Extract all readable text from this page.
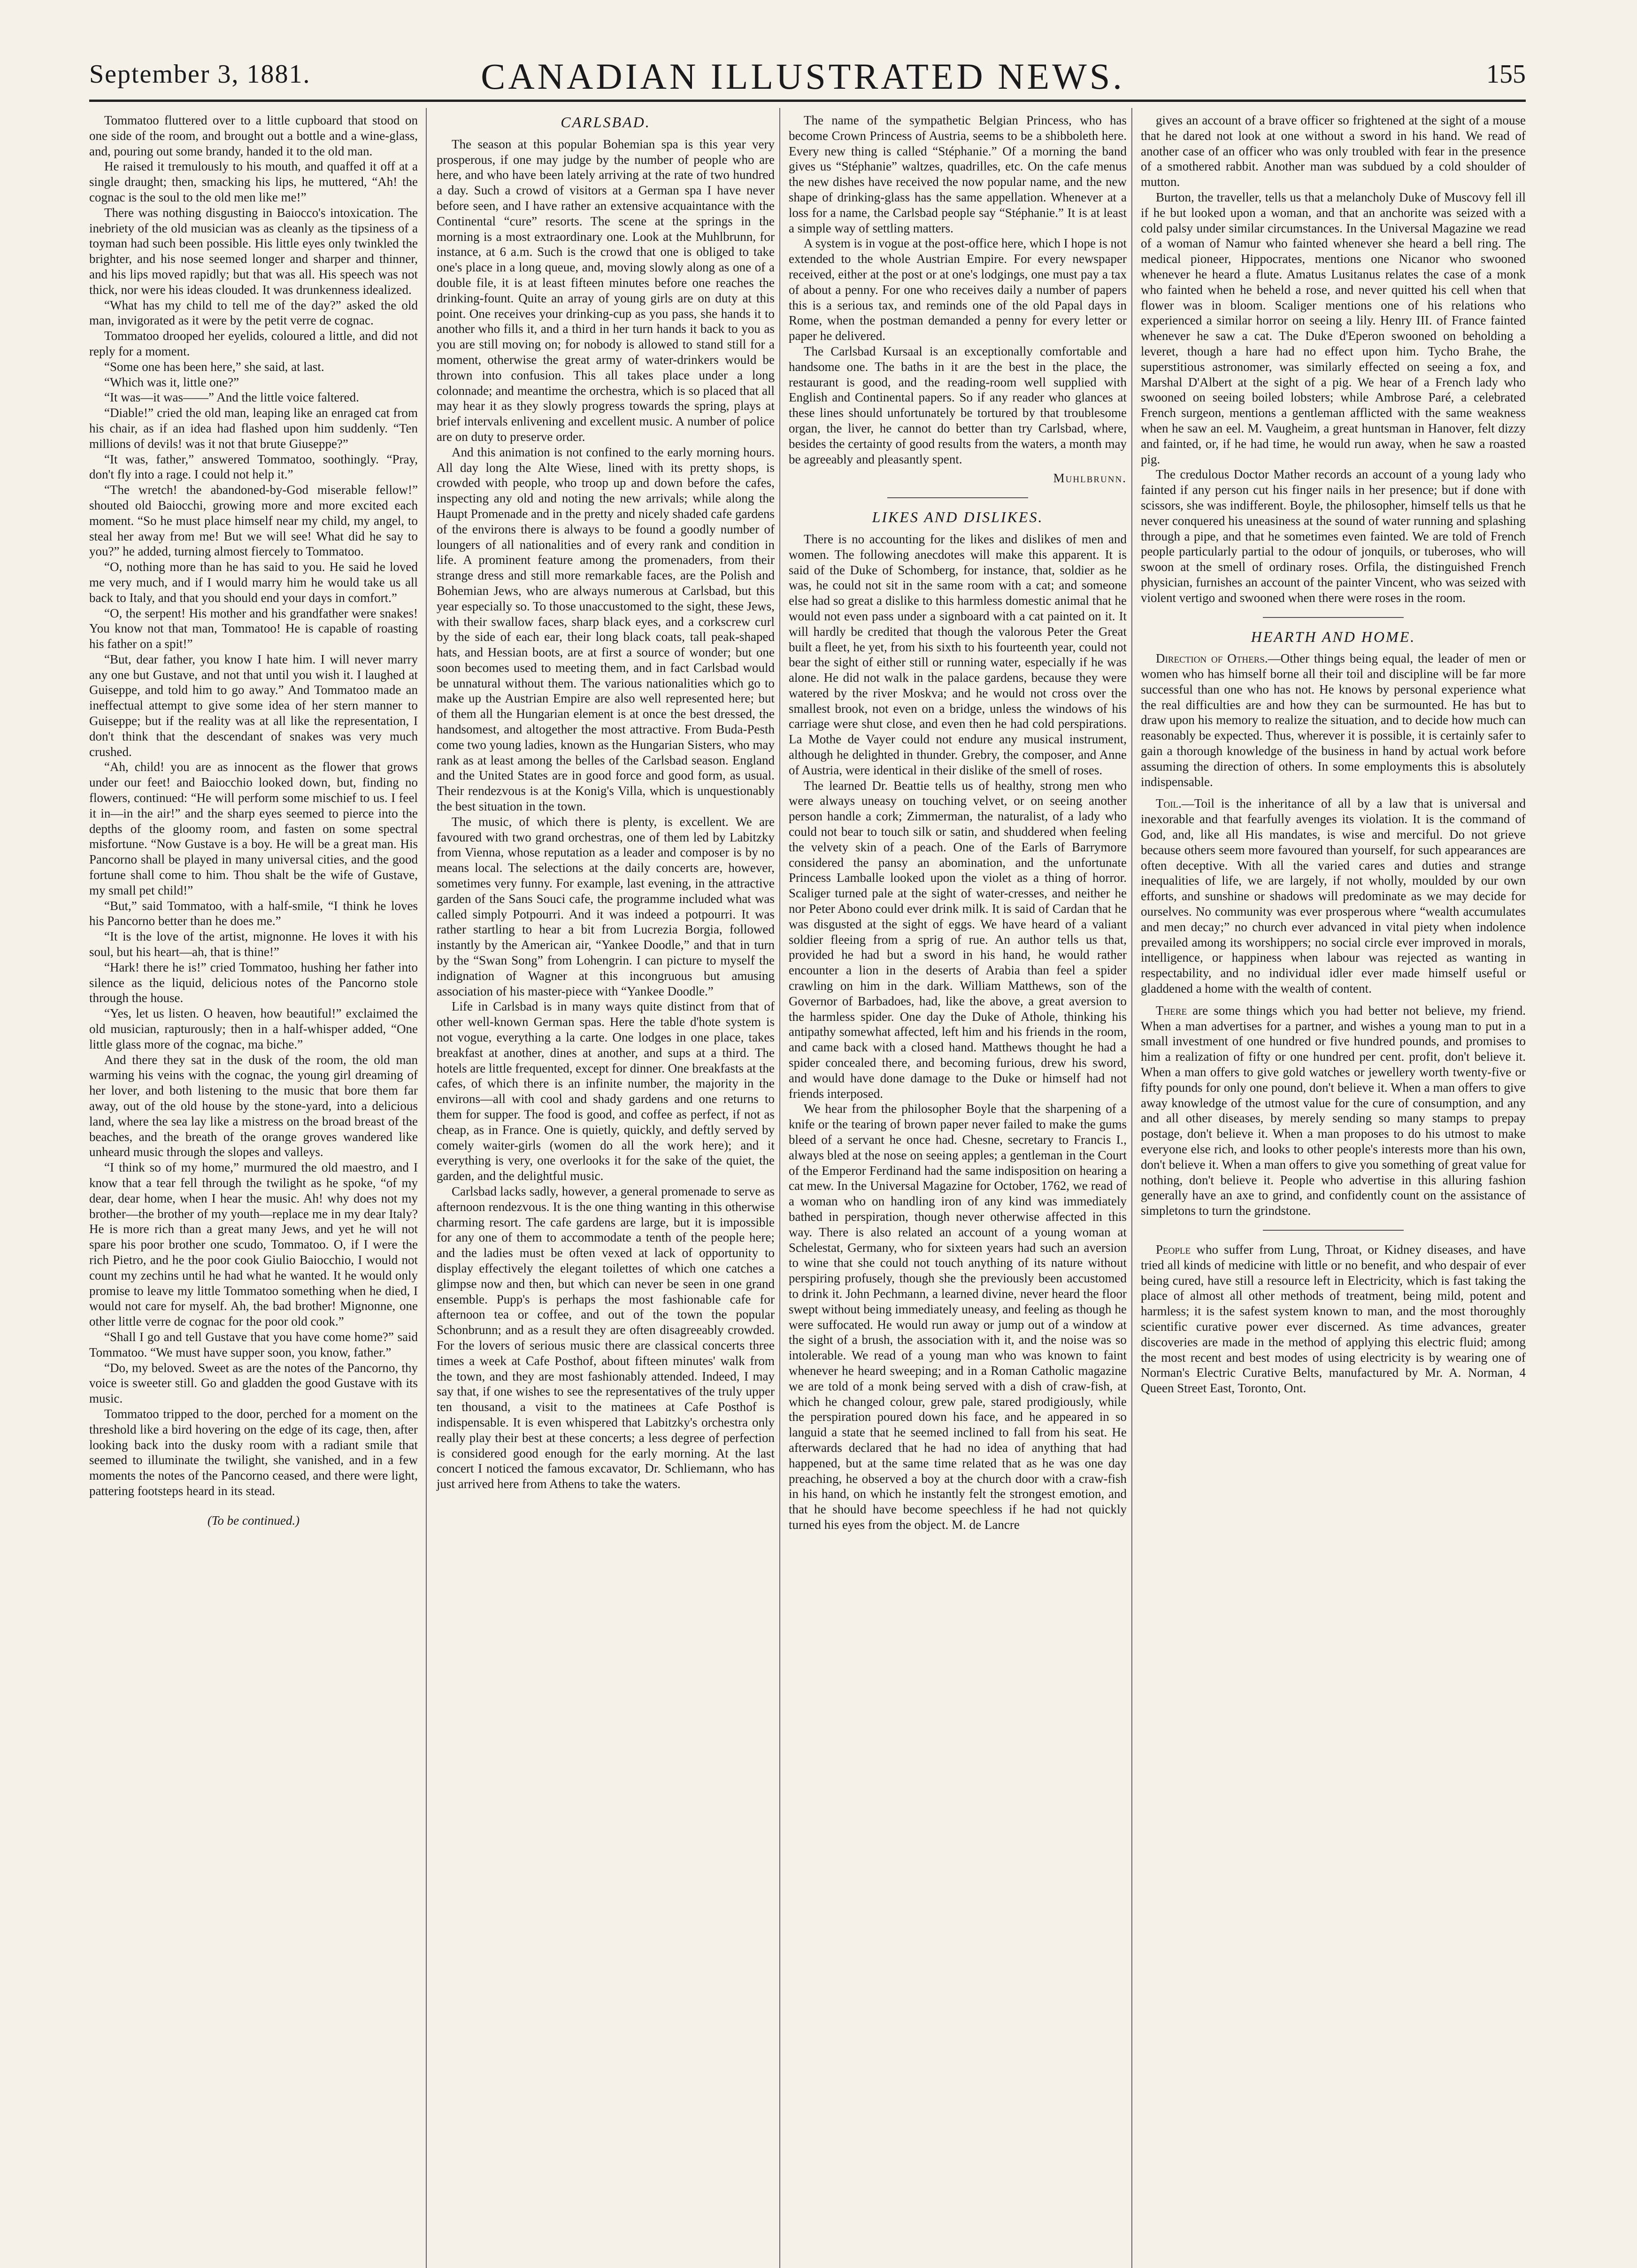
September 3, 1881.	CANADIAN ILLUSTRATED NEWS.	155

Tommatoo fluttered over to a little cupboard that stood on one side of the room, and brought out a bottle and a wine-glass, and, pouring out some brandy, handed it to the old man.

He raised it tremulously to his mouth, and quaffed it off at a single draught; then, smacking his lips, he muttered, “Ah! the cognac is the soul to the old men like me!”

There was nothing disgusting in Baiocco's intoxication. The inebriety of the old musician was as cleanly as the tipsiness of a toyman had such been possible. His little eyes only twinkled the brighter, and his nose seemed longer and sharper and thinner, and his lips moved rapidly; but that was all. His speech was not thick, nor were his ideas clouded. It was drunkenness idealized.

“What has my child to tell me of the day?” asked the old man, invigorated as it were by the petit verre de cognac.

Tommatoo drooped her eyelids, coloured a little, and did not reply for a moment.

“Some one has been here,” she said, at last.

“Which was it, little one?”

“It was—it was——” And the little voice faltered.

“Diable!” cried the old man, leaping like an enraged cat from his chair, as if an idea had flashed upon him suddenly. “Ten millions of devils! was it not that brute Giuseppe?”

“It was, father,” answered Tommatoo, soothingly. “Pray, don't fly into a rage. I could not help it.”

“The wretch! the abandoned-by-God miserable fellow!” shouted old Baiocchi, growing more and more excited each moment. “So he must place himself near my child, my angel, to steal her away from me! But we will see! What did he say to you?” he added, turning almost fiercely to Tommatoo.

“O, nothing more than he has said to you. He said he loved me very much, and if I would marry him he would take us all back to Italy, and that you should end your days in comfort.”

“O, the serpent! His mother and his grandfather were snakes! You know not that man, Tommatoo! He is capable of roasting his father on a spit!”

“But, dear father, you know I hate him. I will never marry any one but Gustave, and not that until you wish it. I laughed at Guiseppe, and told him to go away.” And Tommatoo made an ineffectual attempt to give some idea of her stern manner to Guiseppe; but if the reality was at all like the representation, I don't think that the descendant of snakes was very much crushed.

“Ah, child! you are as innocent as the flower that grows under our feet! and Baiocchio looked down, but, finding no flowers, continued: “He will perform some mischief to us. I feel it in—in the air!” and the sharp eyes seemed to pierce into the depths of the gloomy room, and fasten on some spectral misfortune. “Now Gustave is a boy. He will be a great man. His Pancorno shall be played in many universal cities, and the good fortune shall come to him. Thou shalt be the wife of Gustave, my small pet child!”

“But,” said Tommatoo, with a half-smile, “I think he loves his Pancorno better than he does me.”

“It is the love of the artist, mignonne. He loves it with his soul, but his heart—ah, that is thine!”

“Hark! there he is!” cried Tommatoo, hushing her father into silence as the liquid, delicious notes of the Pancorno stole through the house.

“Yes, let us listen. O heaven, how beautiful!” exclaimed the old musician, rapturously; then in a half-whisper added, “One little glass more of the cognac, ma biche.”

And there they sat in the dusk of the room, the old man warming his veins with the cognac, the young girl dreaming of her lover, and both listening to the music that bore them far away, out of the old house by the stone-yard, into a delicious land, where the sea lay like a mistress on the broad breast of the beaches, and the breath of the orange groves wandered like unheard music through the slopes and valleys.

“I think so of my home,” murmured the old maestro, and I know that a tear fell through the twilight as he spoke, “of my dear, dear home, when I hear the music. Ah! why does not my brother—the brother of my youth—replace me in my dear Italy? He is more rich than a great many Jews, and yet he will not spare his poor brother one scudo, Tommatoo. O, if I were the rich Pietro, and he the poor cook Giulio Baiocchio, I would not count my zechins until he had what he wanted. It he would only promise to leave my little Tommatoo something when he died, I would not care for myself. Ah, the bad brother! Mignonne, one other little verre de cognac for the poor old cook.”

“Shall I go and tell Gustave that you have come home?” said Tommatoo. “We must have supper soon, you know, father.”

“Do, my beloved. Sweet as are the notes of the Pancorno, thy voice is sweeter still. Go and gladden the good Gustave with its music.

Tommatoo tripped to the door, perched for a moment on the threshold like a bird hovering on the edge of its cage, then, after looking back into the dusky room with a radiant smile that seemed to illuminate the twilight, she vanished, and in a few moments the notes of the Pancorno ceased, and there were light, pattering footsteps heard in its stead.

(To be continued.)
CARLSBAD.

The season at this popular Bohemian spa is this year very prosperous, if one may judge by the number of people who are here, and who have been lately arriving at the rate of two hundred a day. Such a crowd of visitors at a German spa I have never before seen, and I have rather an extensive acquaintance with the Continental “cure” resorts. The scene at the springs in the morning is a most extraordinary one. Look at the Muhlbrunn, for instance, at 6 a.m. Such is the crowd that one is obliged to take one's place in a long queue, and, moving slowly along as one of a double file, it is at least fifteen minutes before one reaches the drinking-fount. Quite an array of young girls are on duty at this point. One receives your drinking-cup as you pass, she hands it to another who fills it, and a third in her turn hands it back to you as you are still moving on; for nobody is allowed to stand still for a moment, otherwise the great army of water-drinkers would be thrown into confusion. This all takes place under a long colonnade; and meantime the orchestra, which is so placed that all may hear it as they slowly progress towards the spring, plays at brief intervals enlivening and excellent music. A number of police are on duty to preserve order.

And this animation is not confined to the early morning hours. All day long the Alte Wiese, lined with its pretty shops, is crowded with people, who troop up and down before the cafes, inspecting any old and noting the new arrivals; while along the Haupt Promenade and in the pretty and nicely shaded cafe gardens of the environs there is always to be found a goodly number of loungers of all nationalities and of every rank and condition in life. A prominent feature among the promenaders, from their strange dress and still more remarkable faces, are the Polish and Bohemian Jews, who are always numerous at Carlsbad, but this year especially so. To those unaccustomed to the sight, these Jews, with their swallow faces, sharp black eyes, and a corkscrew curl by the side of each ear, their long black coats, tall peak-shaped hats, and Hessian boots, are at first a source of wonder; but one soon becomes used to meeting them, and in fact Carlsbad would be unnatural without them. The various nationalities which go to make up the Austrian Empire are also well represented here; but of them all the Hungarian element is at once the best dressed, the handsomest, and altogether the most attractive. From Buda-Pesth come two young ladies, known as the Hungarian Sisters, who may rank as at least among the belles of the Carlsbad season. England and the United States are in good force and good form, as usual. Their rendezvous is at the Konig's Villa, which is unquestionably the best situation in the town.

The music, of which there is plenty, is excellent. We are favoured with two grand orchestras, one of them led by Labitzky from Vienna, whose reputation as a leader and composer is by no means local. The selections at the daily concerts are, however, sometimes very funny. For example, last evening, in the attractive garden of the Sans Souci cafe, the programme included what was called simply Potpourri. And it was indeed a potpourri. It was rather startling to hear a bit from Lucrezia Borgia, followed instantly by the American air, “Yankee Doodle,” and that in turn by the “Swan Song” from Lohengrin. I can picture to myself the indignation of Wagner at this incongruous but amusing association of his master-piece with “Yankee Doodle.”

Life in Carlsbad is in many ways quite distinct from that of other well-known German spas. Here the table d'hote system is not vogue, everything a la carte. One lodges in one place, takes breakfast at another, dines at another, and sups at a third. The hotels are little frequented, except for dinner. One breakfasts at the cafes, of which there is an infinite number, the majority in the environs—all with cool and shady gardens and one returns to them for supper. The food is good, and coffee as perfect, if not as cheap, as in France. One is quietly, quickly, and deftly served by comely waiter-girls (women do all the work here); and it everything is very, one overlooks it for the sake of the quiet, the garden, and the delightful music.

Carlsbad lacks sadly, however, a general promenade to serve as afternoon rendezvous. It is the one thing wanting in this otherwise charming resort. The cafe gardens are large, but it is impossible for any one of them to accommodate a tenth of the people here; and the ladies must be often vexed at lack of opportunity to display effectively the elegant toilettes of which one catches a glimpse now and then, but which can never be seen in one grand ensemble. Pupp's is perhaps the most fashionable cafe for afternoon tea or coffee, and out of the town the popular Schonbrunn; and as a result they are often disagreeably crowded. For the lovers of serious music there are classical concerts three times a week at Cafe Posthof, about fifteen minutes' walk from the town, and they are most fashionably attended. Indeed, I may say that, if one wishes to see the representatives of the truly upper ten thousand, a visit to the matinees at Cafe Posthof is indispensable. It is even whispered that Labitzky's orchestra only really play their best at these concerts; a less degree of perfection is considered good enough for the early morning. At the last concert I noticed the famous excavator, Dr. Schliemann, who has just arrived here from Athens to take the waters.

The name of the sympathetic Belgian Princess, who has become Crown Princess of Austria, seems to be a shibboleth here. Every new thing is called “Stéphanie.” Of a morning the band gives us “Stéphanie” waltzes, quadrilles, etc. On the cafe menus the new dishes have received the now popular name, and the new shape of drinking-glass has the same appellation. Whenever at a loss for a name, the Carlsbad people say “Stéphanie.” It is at least a simple way of settling matters.

A system is in vogue at the post-office here, which I hope is not extended to the whole Austrian Empire. For every newspaper received, either at the post or at one's lodgings, one must pay a tax of about a penny. For one who receives daily a number of papers this is a serious tax, and reminds one of the old Papal days in Rome, when the postman demanded a penny for every letter or paper he delivered.

The Carlsbad Kursaal is an exceptionally comfortable and handsome one. The baths in it are the best in the place, the restaurant is good, and the reading-room well supplied with English and Continental papers. So if any reader who glances at these lines should unfortunately be tortured by that troublesome organ, the liver, he cannot do better than try Carlsbad, where, besides the certainty of good results from the waters, a month may be agreeably and pleasantly spent.

Muhlbrunn.
LIKES AND DISLIKES.

There is no accounting for the likes and dislikes of men and women. The following anecdotes will make this apparent. It is said of the Duke of Schomberg, for instance, that, soldier as he was, he could not sit in the same room with a cat; and someone else had so great a dislike to this harmless domestic animal that he would not even pass under a signboard with a cat painted on it. It will hardly be credited that though the valorous Peter the Great built a fleet, he yet, from his sixth to his fourteenth year, could not bear the sight of either still or running water, especially if he was alone. He did not walk in the palace gardens, because they were watered by the river Moskva; and he would not cross over the smallest brook, not even on a bridge, unless the windows of his carriage were shut close, and even then he had cold perspirations. La Mothe de Vayer could not endure any musical instrument, although he delighted in thunder. Grebry, the composer, and Anne of Austria, were identical in their dislike of the smell of roses.

The learned Dr. Beattie tells us of healthy, strong men who were always uneasy on touching velvet, or on seeing another person handle a cork; Zimmerman, the naturalist, of a lady who could not bear to touch silk or satin, and shuddered when feeling the velvety skin of a peach. One of the Earls of Barrymore considered the pansy an abomination, and the unfortunate Princess Lamballe looked upon the violet as a thing of horror. Scaliger turned pale at the sight of water-cresses, and neither he nor Peter Abono could ever drink milk. It is said of Cardan that he was disgusted at the sight of eggs. We have heard of a valiant soldier fleeing from a sprig of rue. An author tells us that, provided he had but a sword in his hand, he would rather encounter a lion in the deserts of Arabia than feel a spider crawling on him in the dark. William Matthews, son of the Governor of Barbadoes, had, like the above, a great aversion to the harmless spider. One day the Duke of Athole, thinking his antipathy somewhat affected, left him and his friends in the room, and came back with a closed hand. Matthews thought he had a spider concealed there, and becoming furious, drew his sword, and would have done damage to the Duke or himself had not friends interposed.

We hear from the philosopher Boyle that the sharpening of a knife or the tearing of brown paper never failed to make the gums bleed of a servant he once had. Chesne, secretary to Francis I., always bled at the nose on seeing apples; a gentleman in the Court of the Emperor Ferdinand had the same indisposition on hearing a cat mew. In the Universal Magazine for October, 1762, we read of a woman who on handling iron of any kind was immediately bathed in perspiration, though never otherwise affected in this way. There is also related an account of a young woman at Schelestat, Germany, who for sixteen years had such an aversion to wine that she could not touch anything of its nature without perspiring profusely, though she the previously been accustomed to drink it. John Pechmann, a learned divine, never heard the floor swept without being immediately uneasy, and feeling as though he were suffocated. He would run away or jump out of a window at the sight of a brush, the association with it, and the noise was so intolerable. We read of a young man who was known to faint whenever he heard sweeping; and in a Roman Catholic magazine we are told of a monk being served with a dish of craw-fish, at which he changed colour, grew pale, stared prodigiously, while the perspiration poured down his face, and he appeared in so languid a state that he seemed inclined to fall from his seat. He afterwards declared that he had no idea of anything that had happened, but at the same time related that as he was one day preaching, he observed a boy at the church door with a craw-fish in his hand, on which he instantly felt the strongest emotion, and that he should have become speechless if he had not quickly turned his eyes from the object. M. de Lancre

gives an account of a brave officer so frightened at the sight of a mouse that he dared not look at one without a sword in his hand. We read of another case of an officer who was only troubled with fear in the presence of a smothered rabbit. Another man was subdued by a cold shoulder of mutton.

Burton, the traveller, tells us that a melancholy Duke of Muscovy fell ill if he but looked upon a woman, and that an anchorite was seized with a cold palsy under similar circumstances. In the Universal Magazine we read of a woman of Namur who fainted whenever she heard a bell ring. The medical pioneer, Hippocrates, mentions one Nicanor who swooned whenever he heard a flute. Amatus Lusitanus relates the case of a monk who fainted when he beheld a rose, and never quitted his cell when that flower was in bloom. Scaliger mentions one of his relations who experienced a similar horror on seeing a lily. Henry III. of France fainted whenever he saw a cat. The Duke d'Eperon swooned on beholding a leveret, though a hare had no effect upon him. Tycho Brahe, the superstitious astronomer, was similarly effected on seeing a fox, and Marshal D'Albert at the sight of a pig. We hear of a French lady who swooned on seeing boiled lobsters; while Ambrose Paré, a celebrated French surgeon, mentions a gentleman afflicted with the same weakness when he saw an eel. M. Vaugheim, a great huntsman in Hanover, felt dizzy and fainted, or, if he had time, he would run away, when he saw a roasted pig.

The credulous Doctor Mather records an account of a young lady who fainted if any person cut his finger nails in her presence; but if done with scissors, she was indifferent. Boyle, the philosopher, himself tells us that he never conquered his uneasiness at the sound of water running and splashing through a pipe, and that he sometimes even fainted. We are told of French people particularly partial to the odour of jonquils, or tuberoses, who will swoon at the smell of ordinary roses. Orfila, the distinguished French physician, furnishes an account of the painter Vincent, who was seized with violent vertigo and swooned when there were roses in the room.

HEARTH AND HOME.

Direction of Others.—Other things being equal, the leader of men or women who has himself borne all their toil and discipline will be far more successful than one who has not. He knows by personal experience what the real difficulties are and how they can be surmounted. He has but to draw upon his memory to realize the situation, and to decide how much can reasonably be expected. Thus, wherever it is possible, it is certainly safer to gain a thorough knowledge of the business in hand by actual work before assuming the direction of others. In some employments this is absolutely indispensable.

Toil.—Toil is the inheritance of all by a law that is universal and inexorable and that fearfully avenges its violation. It is the command of God, and, like all His mandates, is wise and merciful. Do not grieve because others seem more favoured than yourself, for such appearances are often deceptive. With all the varied cares and duties and strange inequalities of life, we are largely, if not wholly, moulded by our own efforts, and sunshine or shadows will predominate as we may decide for ourselves. No community was ever prosperous where “wealth accumulates and men decay;” no church ever advanced in vital piety when indolence prevailed among its worshippers; no social circle ever improved in morals, intelligence, or happiness when labour was rejected as wanting in respectability, and no individual idler ever made himself useful or gladdened a home with the wealth of content.

There are some things which you had better not believe, my friend. When a man advertises for a partner, and wishes a young man to put in a small investment of one hundred or five hundred pounds, and promises to him a realization of fifty or one hundred per cent. profit, don't believe it. When a man offers to give gold watches or jewellery worth twenty-five or fifty pounds for only one pound, don't believe it. When a man offers to give away knowledge of the utmost value for the cure of consumption, and any and all other diseases, by merely sending so many stamps to prepay postage, don't believe it. When a man proposes to do his utmost to make everyone else rich, and looks to other people's interests more than his own, don't believe it. When a man offers to give you something of great value for nothing, don't believe it. People who advertise in this alluring fashion generally have an axe to grind, and confidently count on the assistance of simpletons to turn the grindstone.

People who suffer from Lung, Throat, or Kidney diseases, and have tried all kinds of medicine with little or no benefit, and who despair of ever being cured, have still a resource left in Electricity, which is fast taking the place of almost all other methods of treatment, being mild, potent and harmless; it is the safest system known to man, and the most thoroughly scientific curative power ever discerned. As time advances, greater discoveries are made in the method of applying this electric fluid; among the most recent and best modes of using electricity is by wearing one of Norman's Electric Curative Belts, manufactured by Mr. A. Norman, 4 Queen Street East, Toronto, Ont.
